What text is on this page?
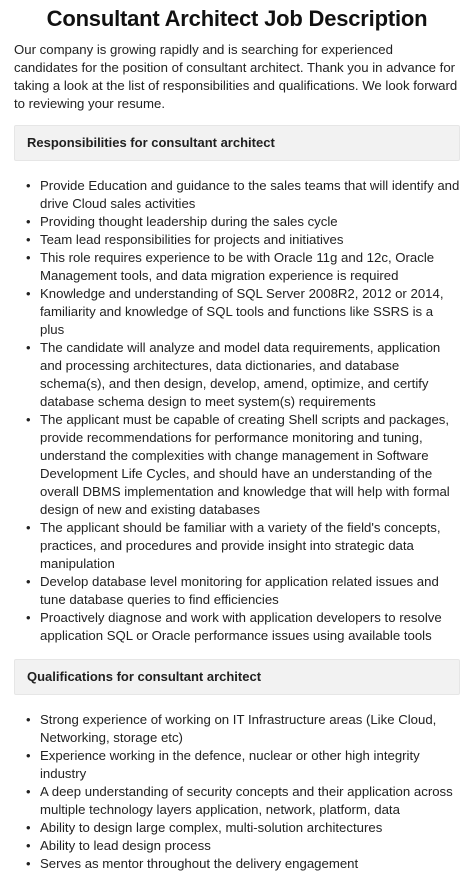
Consultant Architect Job Description

Our company is growing rapidly and is searching for experienced candidates for the position of consultant architect. Thank you in advance for taking a look at the list of responsibilities and qualifications. We look forward to reviewing your resume.

Responsibilities for consultant architect
• Provide Education and guidance to the sales teams that will identify and drive Cloud sales activities
• Providing thought leadership during the sales cycle
• Team lead responsibilities for projects and initiatives
• This role requires experience to be with Oracle 11g and 12c, Oracle Management tools, and data migration experience is required
• Knowledge and understanding of SQL Server 2008R2, 2012 or 2014, familiarity and knowledge of SQL tools and functions like SSRS is a plus
• The candidate will analyze and model data requirements, application and processing architectures, data dictionaries, and database schema(s), and then design, develop, amend, optimize, and certify database schema design to meet system(s) requirements
• The applicant must be capable of creating Shell scripts and packages, provide recommendations for performance monitoring and tuning, understand the complexities with change management in Software Development Life Cycles, and should have an understanding of the overall DBMS implementation and knowledge that will help with formal design of new and existing databases
• The applicant should be familiar with a variety of the field's concepts, practices, and procedures and provide insight into strategic data manipulation
• Develop database level monitoring for application related issues and tune database queries to find efficiencies
• Proactively diagnose and work with application developers to resolve application SQL or Oracle performance issues using available tools
Qualifications for consultant architect
• Strong experience of working on IT Infrastructure areas (Like Cloud, Networking, storage etc)
• Experience working in the defence, nuclear or other high integrity industry
• A deep understanding of security concepts and their application across multiple technology layers application, network, platform, data
• Ability to design large complex, multi-solution architectures
• Ability to lead design process
• Serves as mentor throughout the delivery engagement
